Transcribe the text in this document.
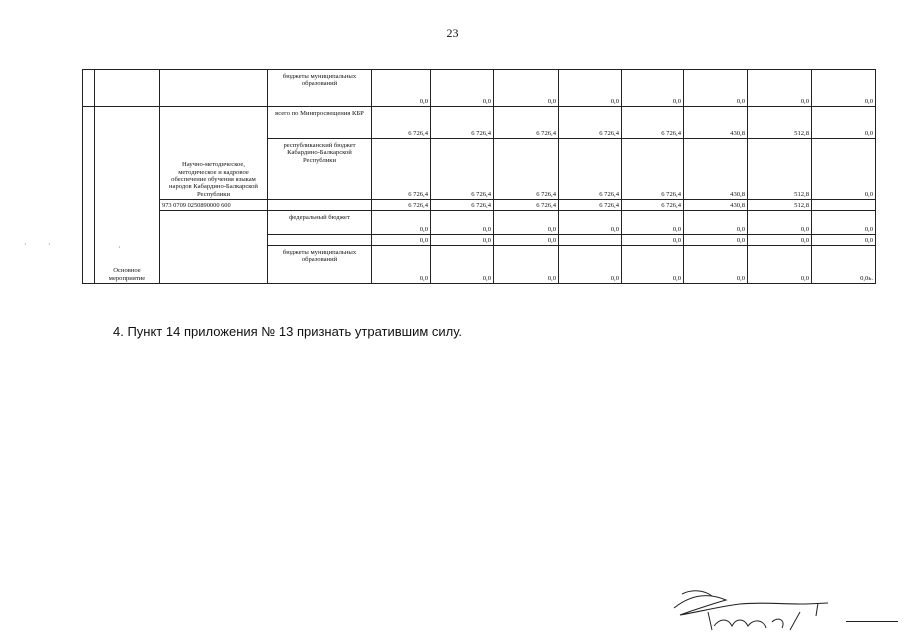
23
			бюджеты муниципальных образований	0,0	0,0	0,0	0,0	0,0	0,0	0,0	0,0
	Основное мероприятие	Научно-методическое, методическое и кадровое обеспечение обучения языкам народов Кабардино-Балкарской Республики	всего по Минпросвещения КБР	6 726,4	6 726,4	6 726,4	6 726,4	6 726,4	430,8	512,8	0,0
			республиканский бюджет Кабардино-Балкарской Республики	6 726,4	6 726,4	6 726,4	6 726,4	6 726,4	430,8	512,8	0,0
		973 0709 0250890000 600		6 726,4	6 726,4	6 726,4	6 726,4	6 726,4	430,8	512,8	
			федеральный бюджет	0,0	0,0	0,0	0,0	0,0	0,0	0,0	0,0
				0,0	0,0	0,0		0,0	0,0	0,0	0,0
			бюджеты муниципальных образований	0,0	0,0	0,0	0,0	0,0	0,0	0,0	0,0ь.
4. Пункт 14 приложения № 13 признать утратившим силу.
·	·	·
